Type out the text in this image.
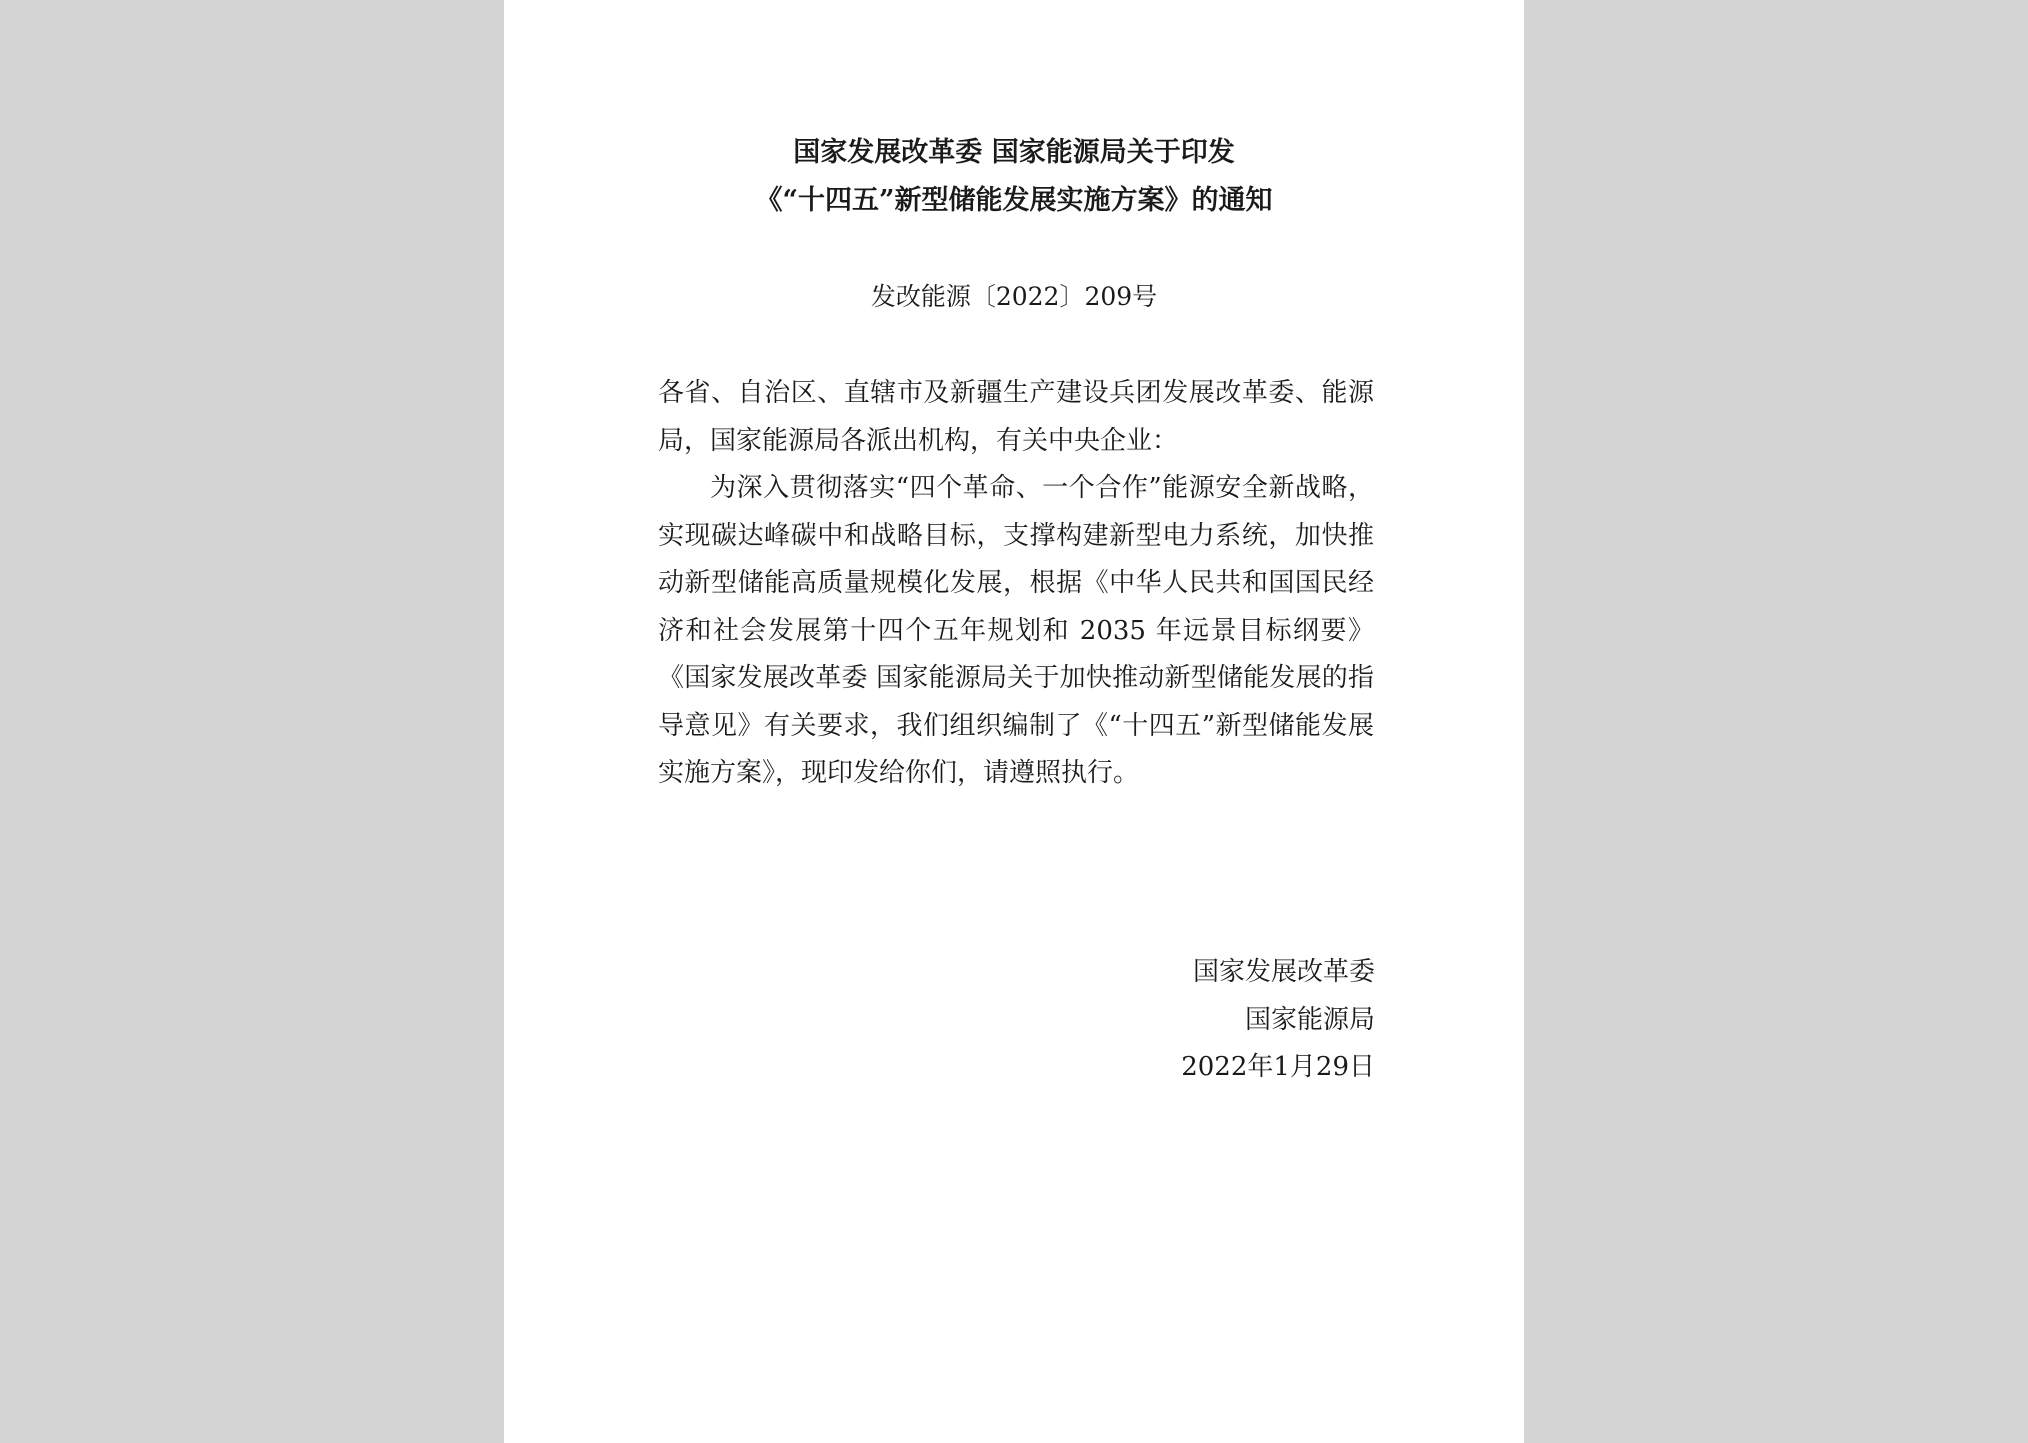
国家发展改革委 国家能源局关于印发
《“十四五”新型储能发展实施方案》的通知
发改能源〔2022〕209号

各省、自治区、直辖市及新疆生产建设兵团发展改革委、能源局，国家能源局各派出机构，有关中央企业：

为深入贯彻落实“四个革命、一个合作”能源安全新战略，实现碳达峰碳中和战略目标，支撑构建新型电力系统，加快推动新型储能高质量规模化发展，根据《中华人民共和国国民经济和社会发展第十四个五年规划和 2035 年远景目标纲要》《国家发展改革委 国家能源局关于加快推动新型储能发展的指导意见》有关要求，我们组织编制了《“十四五”新型储能发展实施方案》，现印发给你们，请遵照执行。

国家发展改革委
国家能源局
2022年1月29日
